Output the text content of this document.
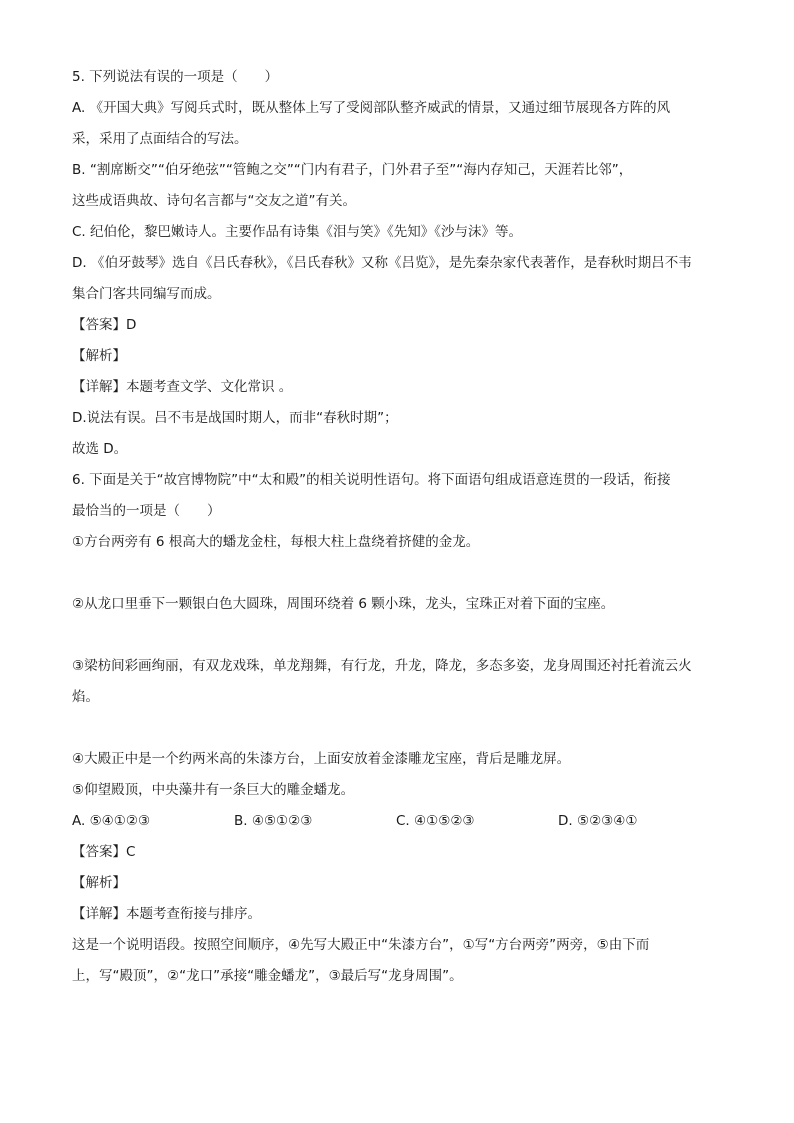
5. 下列说法有误的一项是（　　）
A. 《开国大典》写阅兵式时，既从整体上写了受阅部队整齐威武的情景，又通过细节展现各方阵的风
采，采用了点面结合的写法。
B. “割席断交”“伯牙绝弦”“管鲍之交”“门内有君子，门外君子至”“海内存知己，天涯若比邻”，
这些成语典故、诗句名言都与“交友之道”有关。
C. 纪伯伦，黎巴嫩诗人。主要作品有诗集《泪与笑》《先知》《沙与沫》等。
D. 《伯牙鼓琴》选自《吕氏春秋》，《吕氏春秋》又称《吕览》，是先秦杂家代表著作，是春秋时期吕不韦
集合门客共同编写而成。
【答案】D
【解析】
【详解】本题考查文学、文化常识 。
D.说法有误。吕不韦是战国时期人，而非“春秋时期”；
故选 D。
6. 下面是关于“故宫博物院”中“太和殿”的相关说明性语句。将下面语句组成语意连贯的一段话，衔接
最恰当的一项是（　　）
①方台两旁有 6 根高大的蟠龙金柱，每根大柱上盘绕着挤健的金龙。
②从龙口里垂下一颗银白色大圆珠，周围环绕着 6 颗小珠，龙头，宝珠正对着下面的宝座。
③梁枋间彩画绚丽，有双龙戏珠，单龙翔舞，有行龙，升龙，降龙，多态多姿，龙身周围还衬托着流云火
焰。
④大殿正中是一个约两米高的朱漆方台，上面安放着金漆雕龙宝座，背后是雕龙屏。
⑤仰望殿顶，中央藻井有一条巨大的雕金蟠龙。
A. ⑤④①②③	B. ④⑤①②③	C. ④①⑤②③	D. ⑤②③④①
【答案】C
【解析】
【详解】本题考查衔接与排序。
这是一个说明语段。按照空间顺序，④先写大殿正中“朱漆方台”，①写“方台两旁”两旁，⑤由下而
上，写“殿顶”，②“龙口”承接“雕金蟠龙”，③最后写“龙身周围”。
